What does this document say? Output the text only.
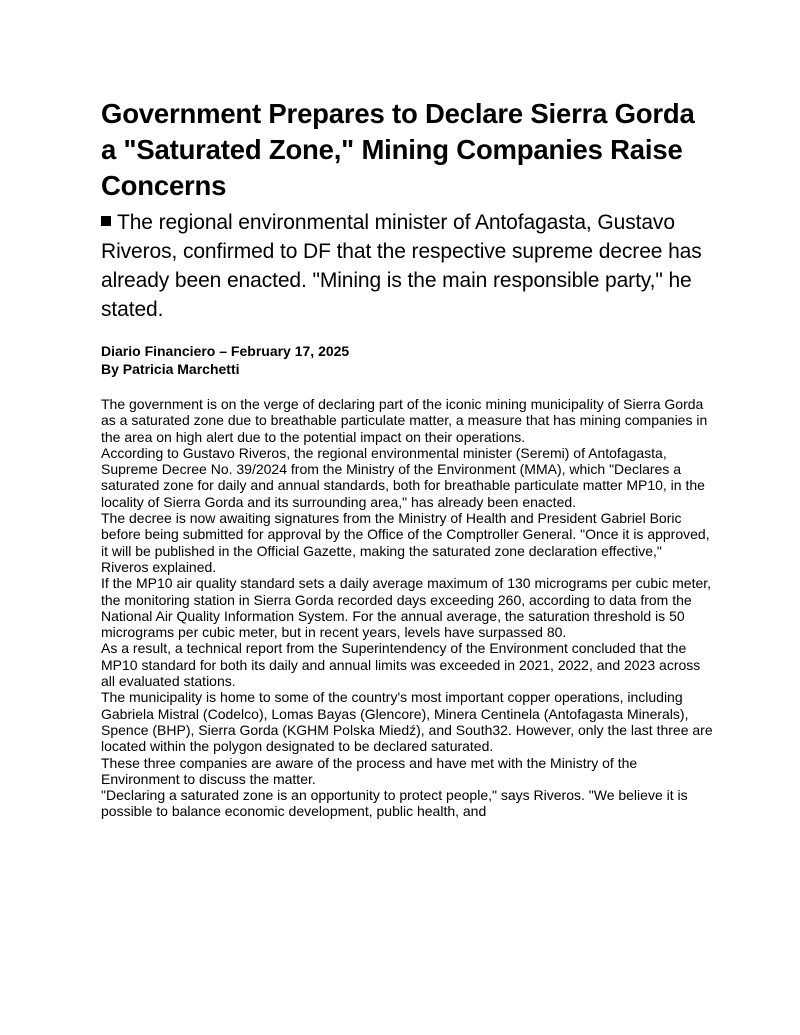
Government Prepares to Declare Sierra Gorda a "Saturated Zone," Mining Companies Raise Concerns

The regional environmental minister of Antofagasta, Gustavo Riveros, confirmed to DF that the respective supreme decree has already been enacted. "Mining is the main responsible party," he stated.

Diario Financiero – February 17, 2025
By Patricia Marchetti

The government is on the verge of declaring part of the iconic mining municipality of Sierra Gorda as a saturated zone due to breathable particulate matter, a measure that has mining companies in the area on high alert due to the potential impact on their operations.

According to Gustavo Riveros, the regional environmental minister (Seremi) of Antofagasta, Supreme Decree No. 39/2024 from the Ministry of the Environment (MMA), which "Declares a saturated zone for daily and annual standards, both for breathable particulate matter MP10, in the locality of Sierra Gorda and its surrounding area," has already been enacted.

The decree is now awaiting signatures from the Ministry of Health and President Gabriel Boric before being submitted for approval by the Office of the Comptroller General. "Once it is approved, it will be published in the Official Gazette, making the saturated zone declaration effective," Riveros explained.

If the MP10 air quality standard sets a daily average maximum of 130 micrograms per cubic meter, the monitoring station in Sierra Gorda recorded days exceeding 260, according to data from the National Air Quality Information System. For the annual average, the saturation threshold is 50 micrograms per cubic meter, but in recent years, levels have surpassed 80.

As a result, a technical report from the Superintendency of the Environment concluded that the MP10 standard for both its daily and annual limits was exceeded in 2021, 2022, and 2023 across all evaluated stations.

The municipality is home to some of the country's most important copper operations, including Gabriela Mistral (Codelco), Lomas Bayas (Glencore), Minera Centinela (Antofagasta Minerals), Spence (BHP), Sierra Gorda (KGHM Polska Miedź), and South32. However, only the last three are located within the polygon designated to be declared saturated.

These three companies are aware of the process and have met with the Ministry of the Environment to discuss the matter.

"Declaring a saturated zone is an opportunity to protect people," says Riveros. "We believe it is possible to balance economic development, public health, and
